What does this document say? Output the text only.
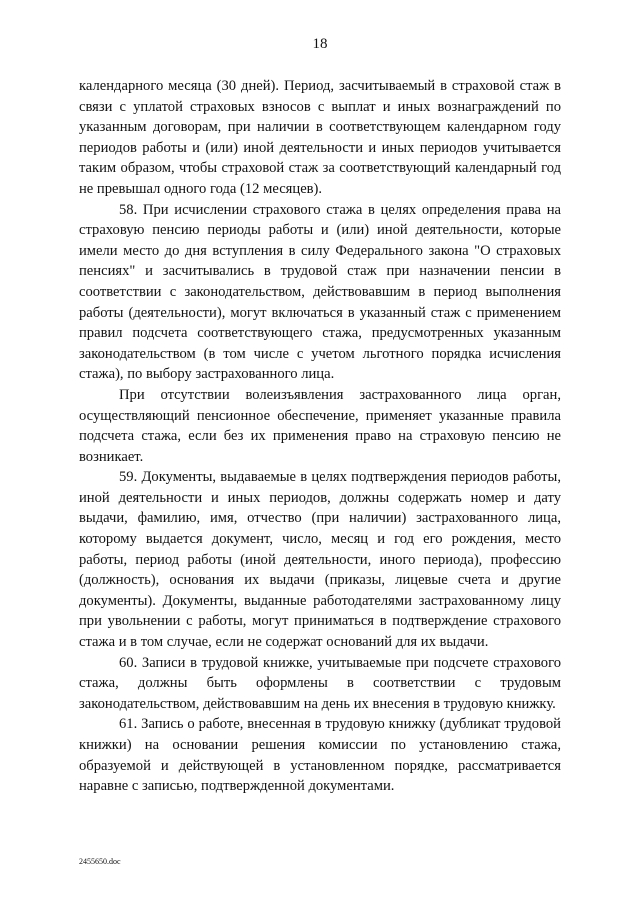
18

календарного месяца (30 дней). Период, засчитываемый в страховой стаж в связи с уплатой страховых взносов с выплат и иных вознаграждений по указанным договорам, при наличии в соответствующем календарном году периодов работы и (или) иной деятельности и иных периодов учитывается таким образом, чтобы страховой стаж за соответствующий календарный год не превышал одного года (12 месяцев).

58. При исчислении страхового стажа в целях определения права на страховую пенсию периоды работы и (или) иной деятельности, которые имели место до дня вступления в силу Федерального закона "О страховых пенсиях" и засчитывались в трудовой стаж при назначении пенсии в соответствии с законодательством, действовавшим в период выполнения работы (деятельности), могут включаться в указанный стаж с применением правил подсчета соответствующего стажа, предусмотренных указанным законодательством (в том числе с учетом льготного порядка исчисления стажа), по выбору застрахованного лица.

При отсутствии волеизъявления застрахованного лица орган, осуществляющий пенсионное обеспечение, применяет указанные правила подсчета стажа, если без их применения право на страховую пенсию не возникает.

59. Документы, выдаваемые в целях подтверждения периодов работы, иной деятельности и иных периодов, должны содержать номер и дату выдачи, фамилию, имя, отчество (при наличии) застрахованного лица, которому выдается документ, число, месяц и год его рождения, место работы, период работы (иной деятельности, иного периода), профессию (должность), основания их выдачи (приказы, лицевые счета и другие документы). Документы, выданные работодателями застрахованному лицу при увольнении с работы, могут приниматься в подтверждение страхового стажа и в том случае, если не содержат оснований для их выдачи.

60. Записи в трудовой книжке, учитываемые при подсчете страхового стажа, должны быть оформлены в соответствии с трудовым законодательством, действовавшим на день их внесения в трудовую книжку.

61. Запись о работе, внесенная в трудовую книжку (дубликат трудовой книжки) на основании решения комиссии по установлению стажа, образуемой и действующей в установленном порядке, рассматривается наравне с записью, подтвержденной документами.

2455650.doc
